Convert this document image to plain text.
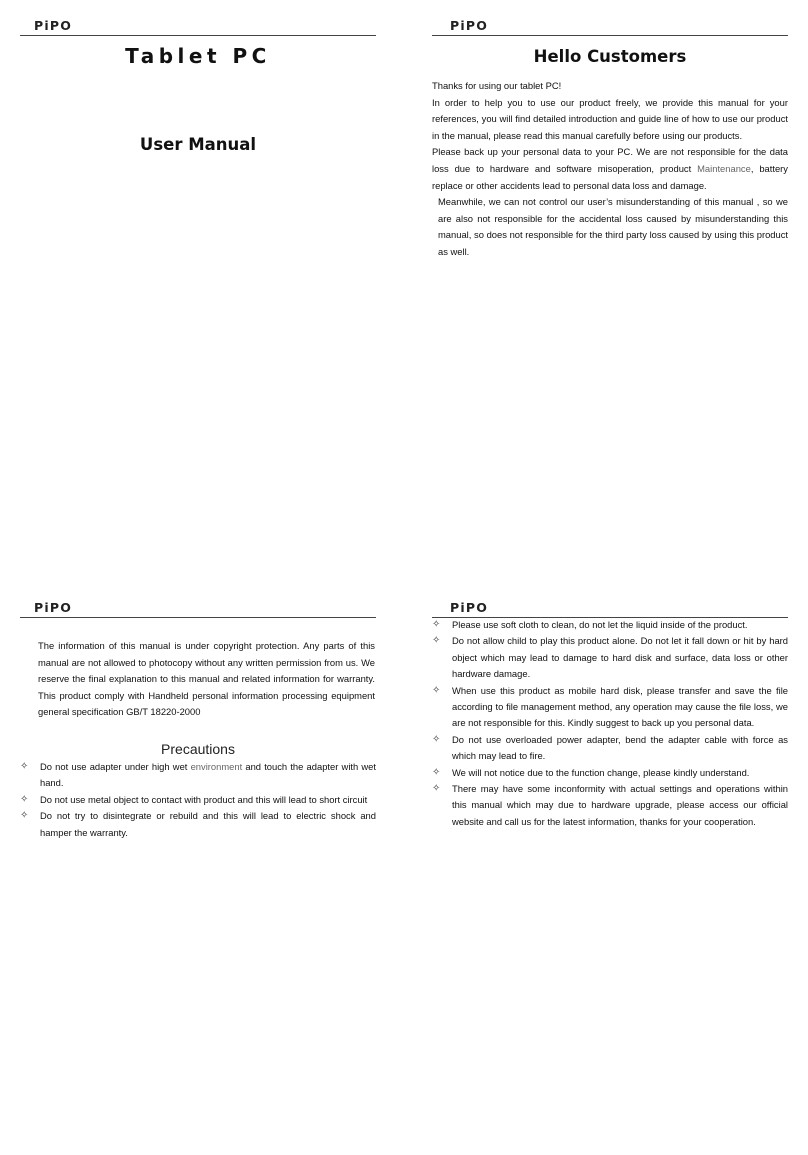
PiPO
Tablet PC
User Manual
PiPO
Hello Customers

Thanks for using our tablet PC!

In order to help you to use our product freely, we provide this manual for your references, you will find detailed introduction and guide line of how to use our product in the manual, please read this manual carefully before using our products.

Please back up your personal data to your PC. We are not responsible for the data loss due to hardware and software misoperation, product Maintenance, battery replace or other accidents lead to personal data loss and damage.

Meanwhile, we can not control our user’s misunderstanding of this manual , so we are also not responsible for the accidental loss caused by misunderstanding this manual, so does not responsible for the third party loss caused by using this product as well.

PiPO

The information of this manual is under copyright protection. Any parts of this manual are not allowed to photocopy without any written permission from us. We reserve the final explanation to this manual and related information for warranty. This product comply with Handheld personal information processing equipment general specification GB/T 18220-2000

Precautions
✧ Do not use adapter under high wet environment and touch the adapter with wet hand.
✧ Do not use metal object to contact with product and this will lead to short circuit
✧ Do not try to disintegrate or rebuild and this will lead to electric shock and hamper the warranty.
PiPO
✧ Please use soft cloth to clean, do not let the liquid inside of the product.
✧ Do not allow child to play this product alone. Do not let it fall down or hit by hard object which may lead to damage to hard disk and surface, data loss or other hardware damage.
✧ When use this product as mobile hard disk, please transfer and save the file according to file management method, any operation may cause the file loss, we are not responsible for this. Kindly suggest to back up you personal data.
✧ Do not use overloaded power adapter, bend the adapter cable with force as which may lead to fire.
✧ We will not notice due to the function change, please kindly understand.
✧ There may have some inconformity with actual settings and operations within this manual which may due to hardware upgrade, please access our official website and call us for the latest information, thanks for your cooperation.
